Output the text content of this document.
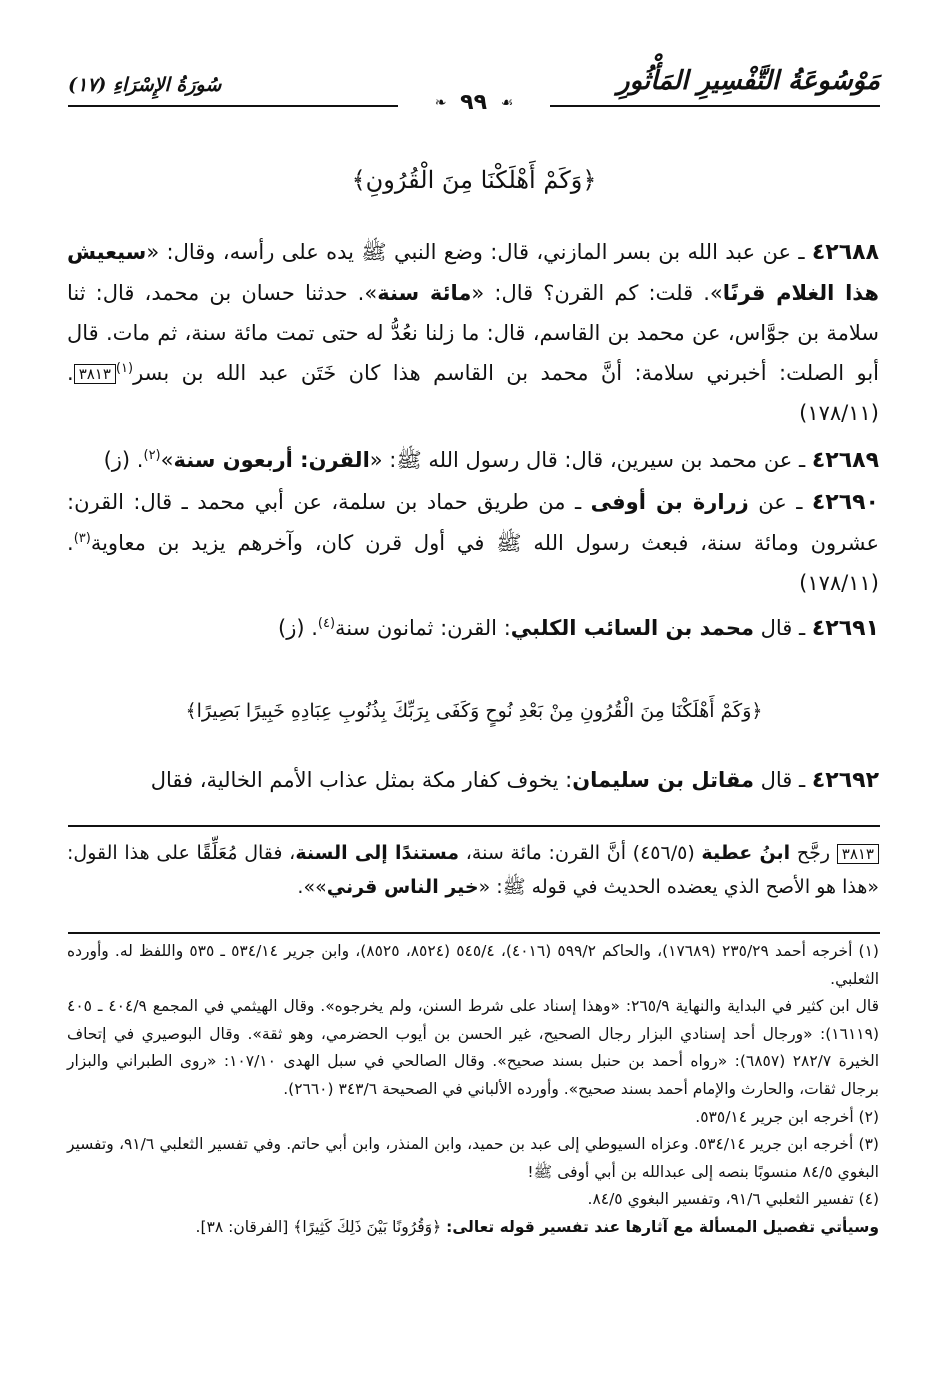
مَوْسُوعَةُ التَّفْسِيرِ المَأْثُورِ
سُورَةُ الإِسْرَاءِ (١٧)
❧ ٩٩ ☙
﴿وَكَمْ أَهْلَكْنَا مِنَ الْقُرُونِ﴾
٤٢٦٨٨ ـ عن عبد الله بن بسر المازني، قال: وضع النبي ﷺ يده على رأسه، وقال: «سيعيش هذا الغلام قرنًا». قلت: كم القرن؟ قال: «مائة سنة». حدثنا حسان بن محمد، قال: ثنا سلامة بن جوَّاس، عن محمد بن القاسم، قال: ما زلنا نعُدُّ له حتى تمت مائة سنة، ثم مات. قال أبو الصلت: أخبرني سلامة: أنَّ محمد بن القاسم هذا كان خَتَن عبد الله بن بسر$^{(١)}$٣٨١٣. (١٧٨/١١)
٤٢٦٨٩ ـ عن محمد بن سيرين، قال: قال رسول الله ﷺ: «القرن: أربعون سنة»$^{(٢)}$. (ز)
٤٢٦٩٠ ـ عن زرارة بن أوفى ـ من طريق حماد بن سلمة، عن أبي محمد ـ قال: القرن: عشرون ومائة سنة، فبعث رسول الله ﷺ في أول قرن كان، وآخرهم يزيد بن معاوية$^{(٣)}$. (١٧٨/١١)
٤٢٦٩١ ـ قال محمد بن السائب الكلبي: القرن: ثمانون سنة$^{(٤)}$. (ز)
﴿وَكَمْ أَهْلَكْنَا مِنَ الْقُرُونِ مِنْ بَعْدِ نُوحٍ وَكَفَى بِرَبِّكَ بِذُنُوبِ عِبَادِهِ خَبِيرًا بَصِيرًا﴾
٤٢٦٩٢ ـ قال مقاتل بن سليمان: يخوف كفار مكة بمثل عذاب الأمم الخالية، فقال
٣٨١٣ رجَّح ابنُ عطية (٤٥٦/٥) أنَّ القرن: مائة سنة، مستندًا إلى السنة، فقال مُعَلِّقًا على هذا القول: «هذا هو الأصح الذي يعضده الحديث في قوله ﷺ: «خير الناس قرني»».
(١) أخرجه أحمد ٢٣٥/٢٩ (١٧٦٨٩)، والحاكم ٥٩٩/٢ (٤٠١٦)، ٥٤٥/٤ (٨٥٢٤، ٨٥٢٥)، وابن جرير ٥٣٤/١٤ ـ ٥٣٥ واللفظ له. وأورده الثعلبي.
قال ابن كثير في البداية والنهاية ٢٦٥/٩: «وهذا إسناد على شرط السنن، ولم يخرجوه». وقال الهيثمي في المجمع ٤٠٤/٩ ـ ٤٠٥ (١٦١١٩): «ورجال أحد إسنادي البزار رجال الصحيح، غير الحسن بن أيوب الحضرمي، وهو ثقة». وقال البوصيري في إتحاف الخيرة ٢٨٢/٧ (٦٨٥٧): «رواه أحمد بن حنبل بسند صحيح». وقال الصالحي في سبل الهدى ١٠٧/١٠: «روى الطبراني والبزار برجال ثقات، والحارث والإمام أحمد بسند صحيح». وأورده الألباني في الصحيحة ٣٤٣/٦ (٢٦٦٠).
(٢) أخرجه ابن جرير ٥٣٥/١٤.
(٣) أخرجه ابن جرير ٥٣٤/١٤. وعزاه السيوطي إلى عبد بن حميد، وابن المنذر، وابن أبي حاتم. وفي تفسير الثعلبي ٩١/٦، وتفسير البغوي ٨٤/٥ منسوبًا بنصه إلى عبدالله بن أبي أوفى ﷺ!
(٤) تفسير الثعلبي ٩١/٦، وتفسير البغوي ٨٤/٥.
وسيأتي تفصيل المسألة مع آثارها عند تفسير قوله تعالى: ﴿وَقُرُونًا بَيْنَ ذَلِكَ كَثِيرًا﴾ [الفرقان: ٣٨].
